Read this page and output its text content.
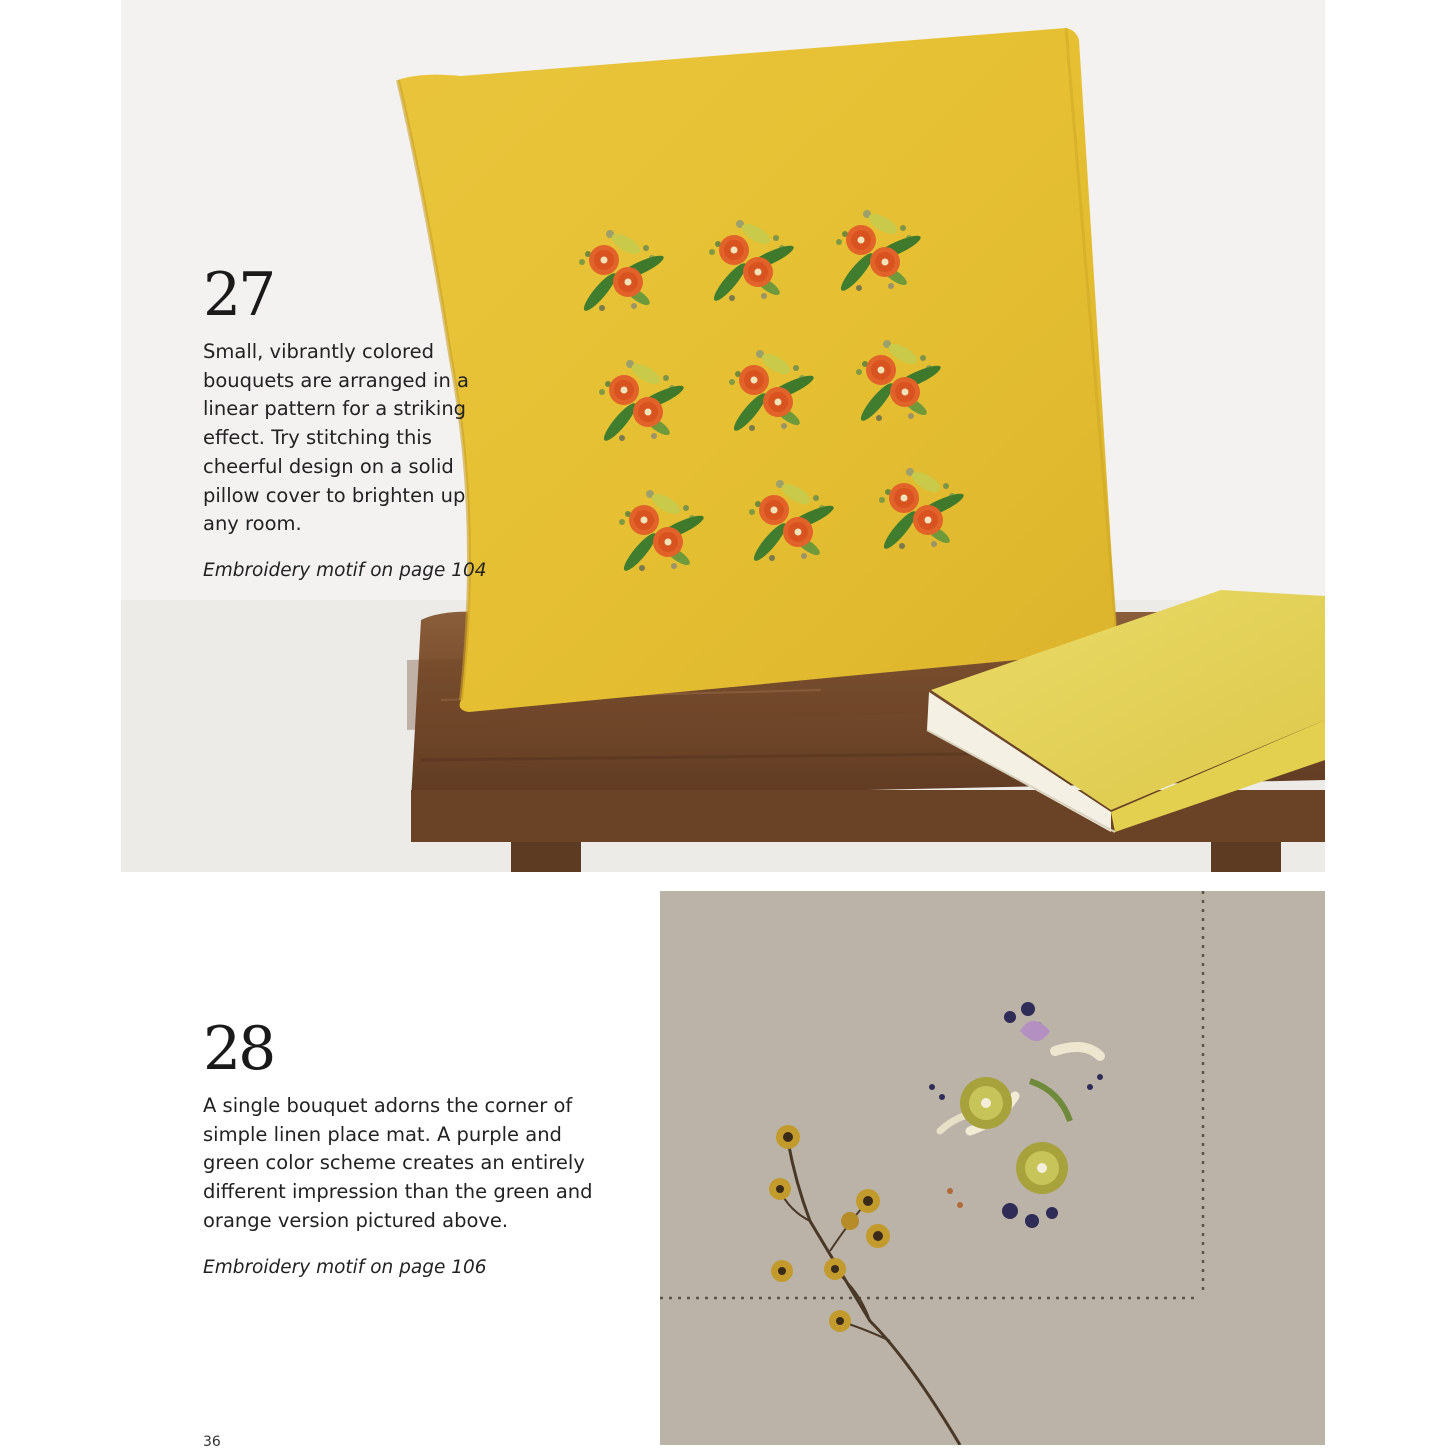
27

Small, vibrantly colored bouquets are arranged in a linear pattern for a striking effect. Try stitching this cheerful design on a solid pillow cover to brighten up any room.

Embroidery motif on page 104

28

A single bouquet adorns the corner of simple linen place mat. A purple and green color scheme creates an entirely different impression than the green and orange version pictured above.

Embroidery motif on page 106

36
